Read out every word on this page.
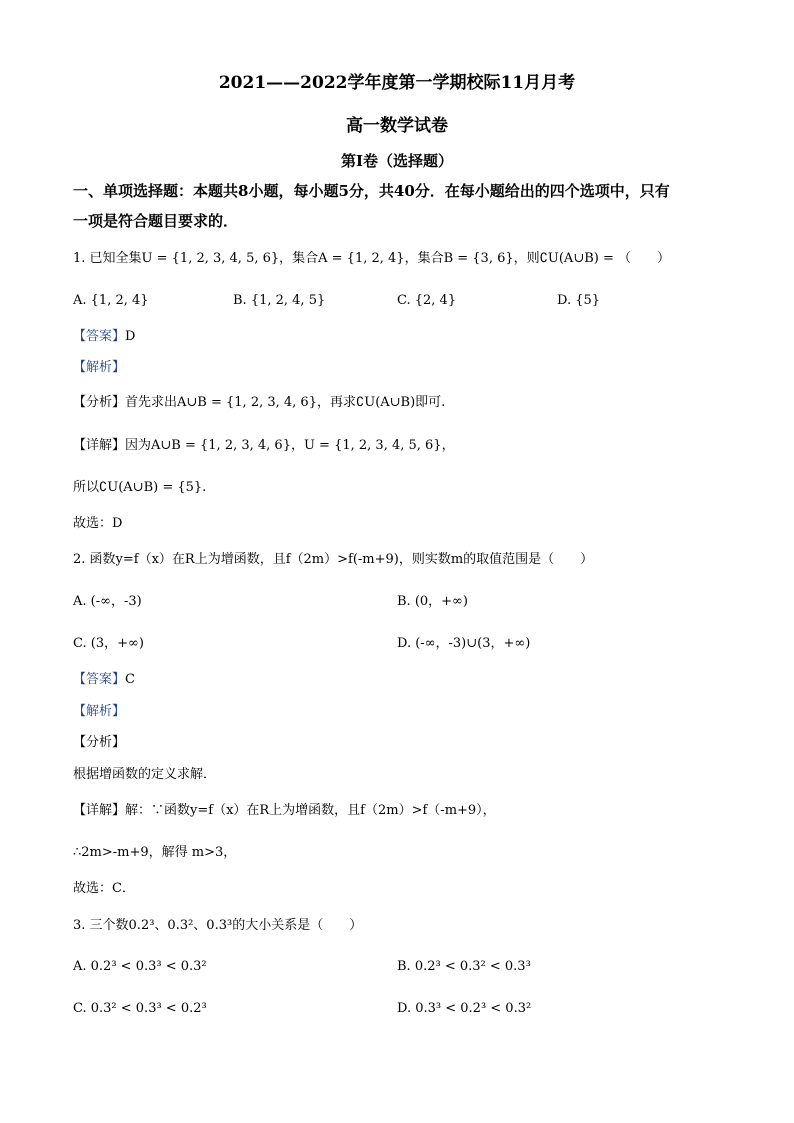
2021——2022学年度第一学期校际11月月考
高一数学试卷
第I卷（选择题）
一、单项选择题：本题共8小题，每小题5分，共40分．在每小题给出的四个选项中，只有
一项是符合题目要求的．
1. 已知全集U = {1, 2, 3, 4, 5, 6}，集合A = {1, 2, 4}，集合B = {3, 6}，则∁U(A∪B) = （　　）
A. {1, 2, 4}	B. {1, 2, 4, 5}	C. {2, 4}	D. {5}
【答案】D
【解析】
【分析】首先求出A∪B = {1, 2, 3, 4, 6}，再求∁U(A∪B)即可.
【详解】因为A∪B = {1, 2, 3, 4, 6}，U = {1, 2, 3, 4, 5, 6}，
所以∁U(A∪B) = {5}.
故选：D
2. 函数y=f（x）在R上为增函数，且f（2m）>f(-m+9)，则实数m的取值范围是（　　）
A. (-∞，-3)	B. (0，+∞)
C. (3，+∞)	D. (-∞，-3)∪(3，+∞)
【答案】C
【解析】
【分析】
根据增函数的定义求解．
【详解】解：∵函数y=f（x）在R上为增函数，且f（2m）>f（-m+9），
∴2m>-m+9，解得 m>3，
故选：C．
3. 三个数0.2³、0.3²、0.3³的大小关系是（　　）
A. 0.2³ < 0.3³ < 0.3²	B. 0.2³ < 0.3² < 0.3³
C. 0.3² < 0.3³ < 0.2³	D. 0.3³ < 0.2³ < 0.3²
